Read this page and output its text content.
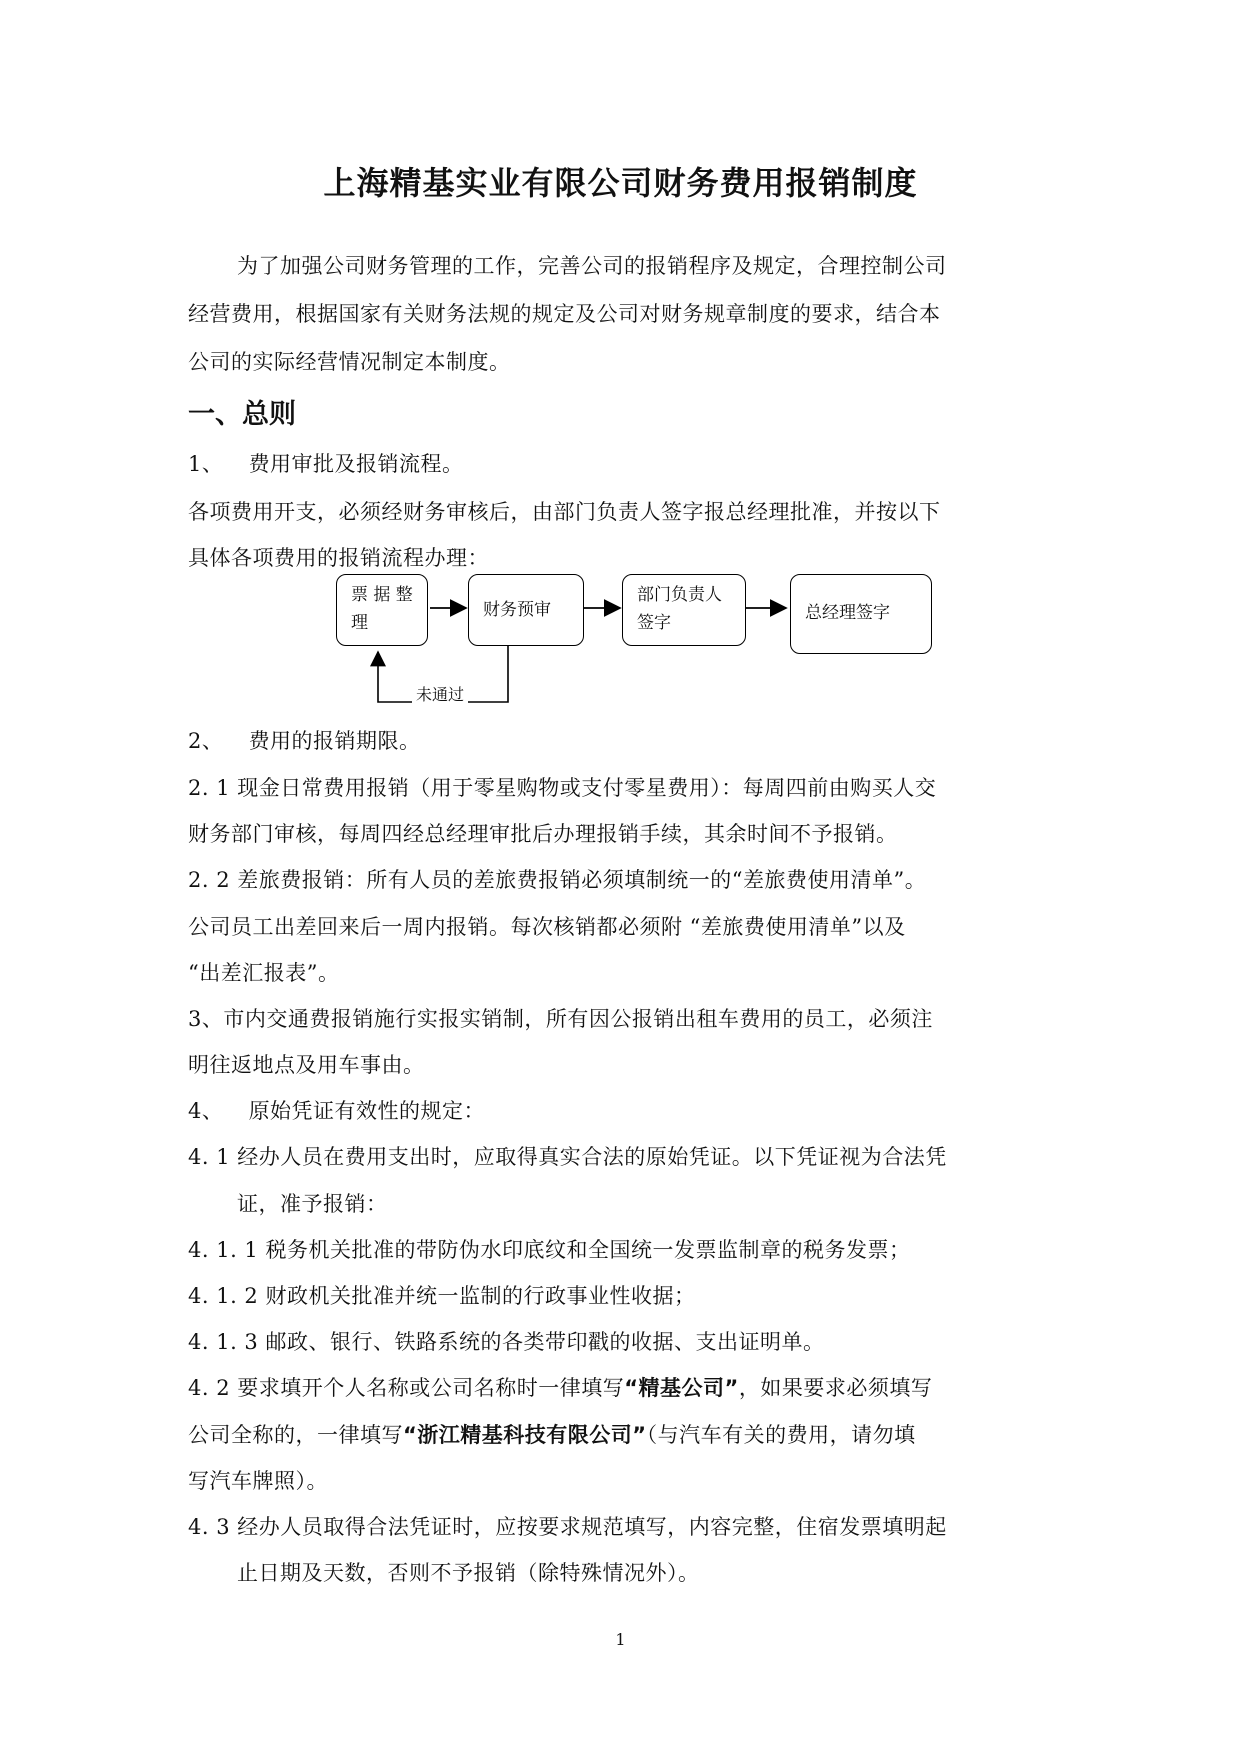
上海精基实业有限公司财务费用报销制度
为了加强公司财务管理的工作，完善公司的报销程序及规定，合理控制公司
经营费用，根据国家有关财务法规的规定及公司对财务规章制度的要求，结合本
公司的实际经营情况制定本制度。
一、总则
1、 费用审批及报销流程。
各项费用开支，必须经财务审核后，由部门负责人签字报总经理批准，并按以下
具体各项费用的报销流程办理：
票 据 整
理
财务预审
部门负责人
签字	总经理签字
未通过
2、 费用的报销期限。
2. 1 现金日常费用报销（用于零星购物或支付零星费用）：每周四前由购买人交
财务部门审核，每周四经总经理审批后办理报销手续，其余时间不予报销。
2. 2 差旅费报销：所有人员的差旅费报销必须填制统一的“差旅费使用清单”。
公司员工出差回来后一周内报销。每次核销都必须附 “差旅费使用清单”以及
“出差汇报表”。
3、市内交通费报销施行实报实销制，所有因公报销出租车费用的员工，必须注
明往返地点及用车事由。
4、 原始凭证有效性的规定：
4. 1 经办人员在费用支出时，应取得真实合法的原始凭证。以下凭证视为合法凭
证，准予报销：
4. 1. 1 税务机关批准的带防伪水印底纹和全国统一发票监制章的税务发票；
4. 1. 2 财政机关批准并统一监制的行政事业性收据；
4. 1. 3 邮政、银行、铁路系统的各类带印戳的收据、支出证明单。
4. 2 要求填开个人名称或公司名称时一律填写“精基公司”，如果要求必须填写
公司全称的，一律填写“浙江精基科技有限公司”（与汽车有关的费用，请勿填
写汽车牌照）。
4. 3 经办人员取得合法凭证时，应按要求规范填写，内容完整，住宿发票填明起
止日期及天数，否则不予报销（除特殊情况外）。
1
